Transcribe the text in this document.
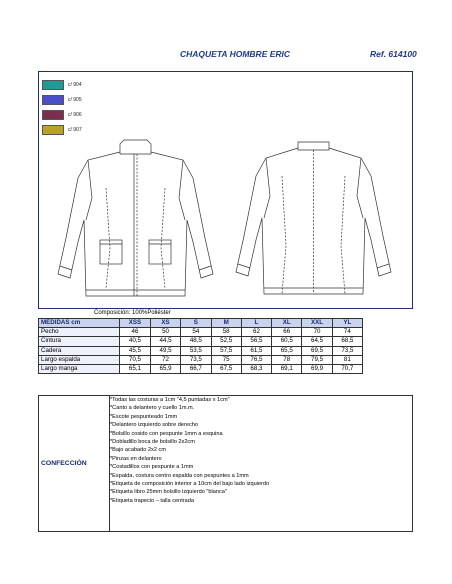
CHAQUETA HOMBRE ERIC	Ref. 614100
c/ 904
c/ 905
c/ 906
c/ 907
Composición: 100%Poliéster
MEDIDAS cm	XSS	XS	S	M	L	XL	XXL	YL
Pecho	46	50	54	58	62	66	70	74
Cintura	40,5	44,5	48,5	52,5	56,5	60,5	64,5	68,5
Cadera	45,5	49,5	53,5	57,5	61,5	65,5	69,5	73,5
Largo espalda	70,5	72	73,5	75	76,5	78	79,5	81
Largo manga	65,1	65,9	66,7	67,5	68,3	69,1	69,9	70,7
CONFECCIÓN
*Todas las costuras a 1cm "4,5 puntadas x 1cm"
*Canto a delantero y cuello 1m.m.
*Escote pespunteado 1mm
*Delantero izquierdo sobre derecho
*Bolsillo cosido con pespunte 1mm a esquina
*Dobladillo boca de bolsillo 2x2cm
*Bajo acabado 2x2 cm
*Pinzas en delantero
*Costadillos con pespunte a 1mm
*Espalda, costura centro espalda con pespuntes a 1mm
*Etiqueta de composición interior a 10cm del bajo lado izquierdo
*Etiqueta libro 25mm bolsillo izquierdo "blanca"
*Etiqueta trapecio – talla centrada
